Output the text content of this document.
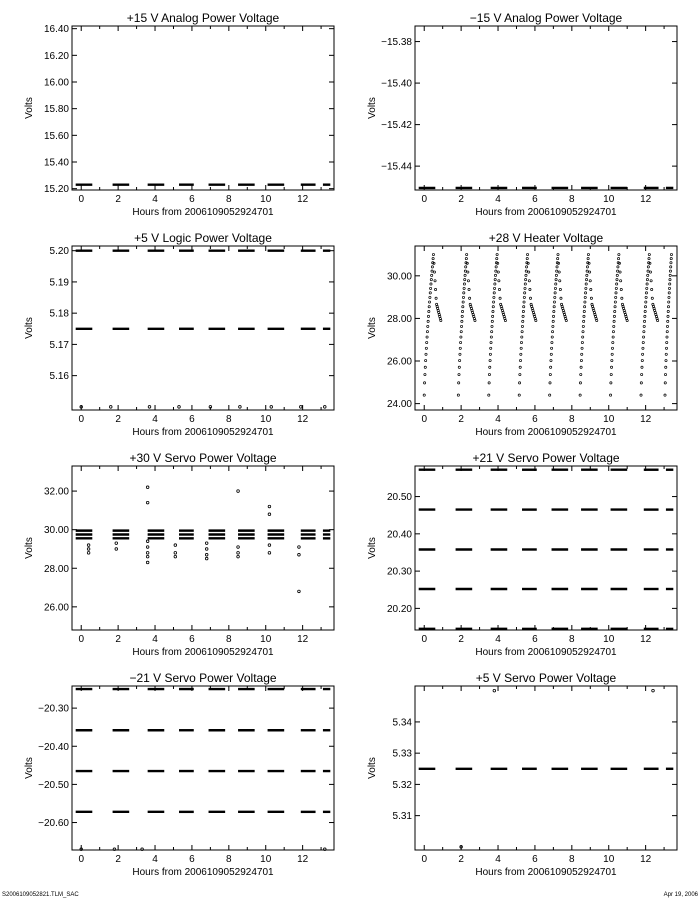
+15 V Analog Power Voltage
0	2	4	6	8	10	12
Hours from 2006109052924701
15.20
15.40
15.60
15.80
16.00
16.20
16.40
Volts
−15 V Analog Power Voltage
0	2	4	6	8	10	12
Hours from 2006109052924701
−15.38
−15.40
−15.42
−15.44
Volts
+5 V Logic Power Voltage
0	2	4	6	8	10	12
Hours from 2006109052924701
5.16
5.17
5.18
5.19
5.20
Volts
+28 V Heater Voltage
0	2	4	6	8	10	12
Hours from 2006109052924701
24.00
26.00
28.00
30.00
Volts
+30 V Servo Power Voltage
0	2	4	6	8	10	12
Hours from 2006109052924701
26.00
28.00
30.00
32.00
Volts
+21 V Servo Power Voltage
0	2	4	6	8	10	12
Hours from 2006109052924701
20.20
20.30
20.40
20.50
Volts
−21 V Servo Power Voltage
0	2	4	6	8	10	12
Hours from 2006109052924701
−20.30
−20.40
−20.50
−20.60
Volts
+5 V Servo Power Voltage
0	2	4	6	8	10	12
Hours from 2006109052924701
5.31
5.32
5.33
5.34
Volts
S2006109052821.TLM_SAC	Apr 19, 2006
